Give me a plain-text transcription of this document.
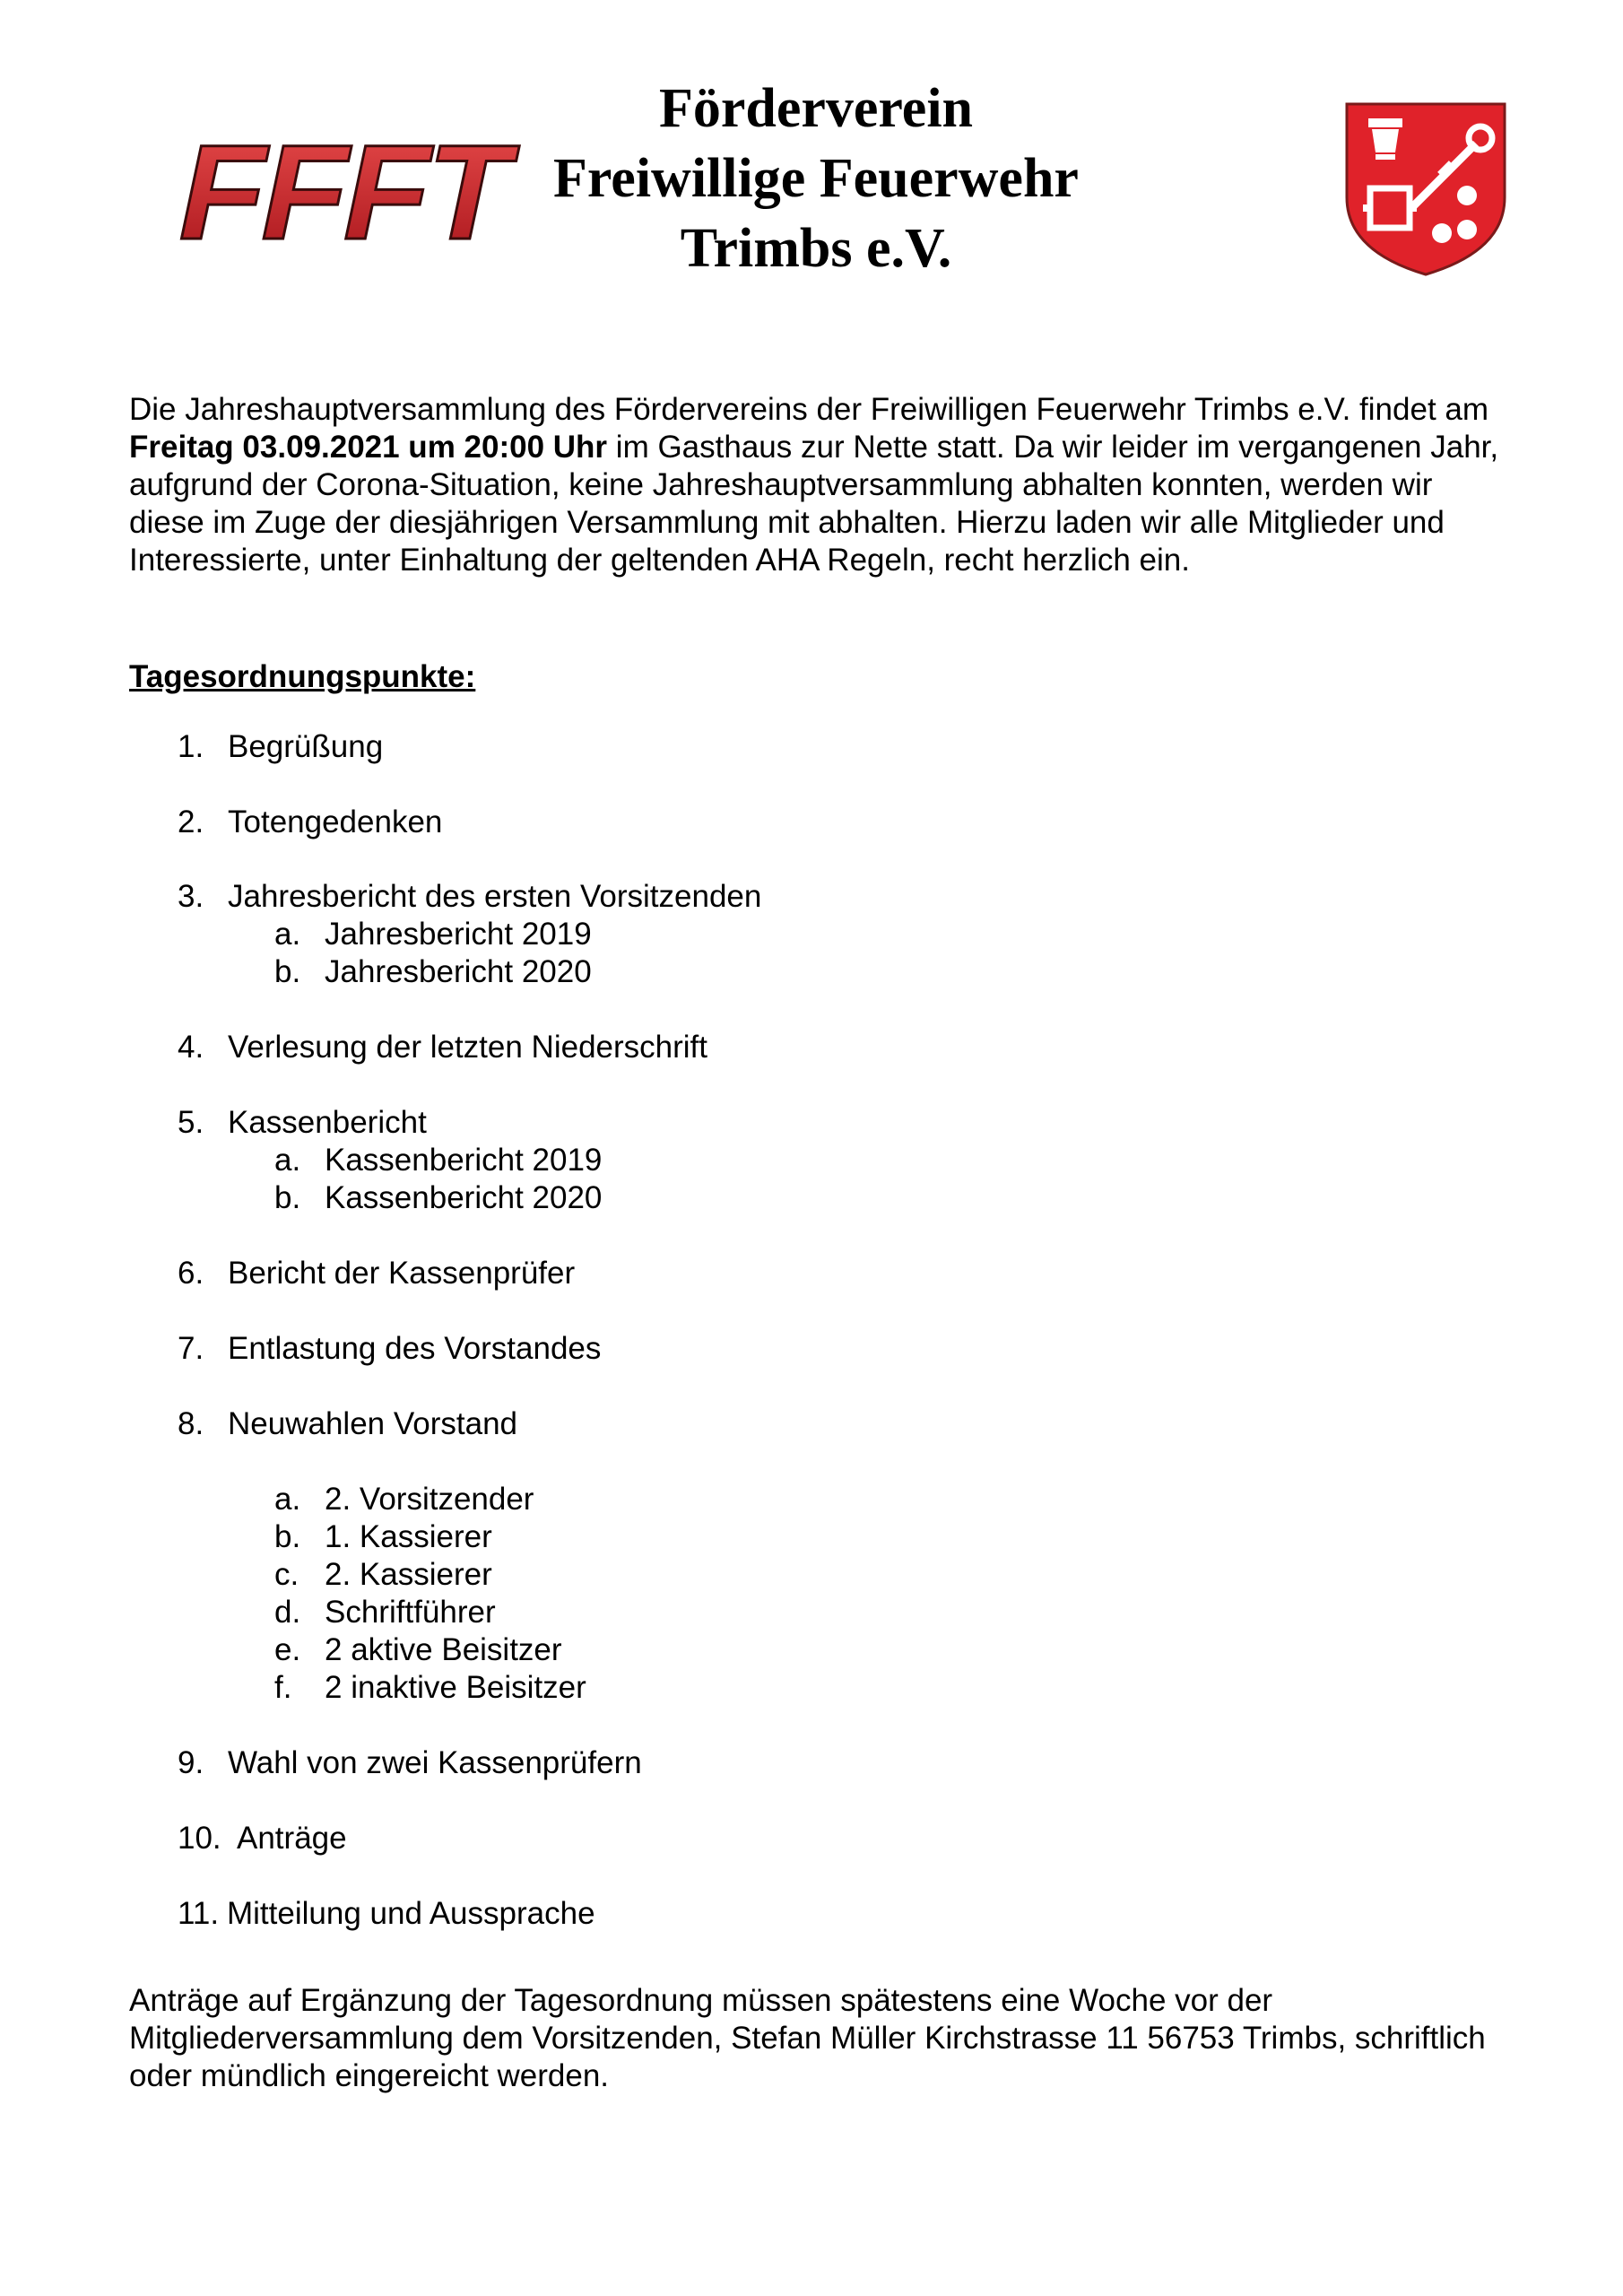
FFFT
Förderverein
Freiwillige Feuerwehr
Trimbs e.V.
Die Jahreshauptversammlung des Fördervereins der Freiwilligen Feuerwehr Trimbs e.V. findet am Freitag 03.09.2021 um 20:00 Uhr im Gasthaus zur Nette statt. Da wir leider im vergangenen Jahr, aufgrund der Corona-Situation, keine Jahreshauptversammlung abhalten konnten, werden wir diese im Zuge der diesjährigen Versammlung mit abhalten. Hierzu laden wir alle Mitglieder und Interessierte, unter Einhaltung der geltenden AHA Regeln, recht herzlich ein.
Tagesordnungspunkte:
1. Begrüßung
2. Totengedenken
3. Jahresbericht des ersten Vorsitzenden
a. Jahresbericht 2019
b. Jahresbericht 2020
4. Verlesung der letzten Niederschrift
5. Kassenbericht
a. Kassenbericht 2019
b. Kassenbericht 2020
6. Bericht der Kassenprüfer
7. Entlastung des Vorstandes
8. Neuwahlen Vorstand
a. 2. Vorsitzender
b. 1. Kassierer
c. 2. Kassierer
d. Schriftführer
e. 2 aktive Beisitzer
f. 2 inaktive Beisitzer
9. Wahl von zwei Kassenprüfern
10. Anträge
11. Mitteilung und Aussprache
Anträge auf Ergänzung der Tagesordnung müssen spätestens eine Woche vor der Mitgliederversammlung dem Vorsitzenden, Stefan Müller Kirchstrasse 11 56753 Trimbs, schriftlich oder mündlich eingereicht werden.
